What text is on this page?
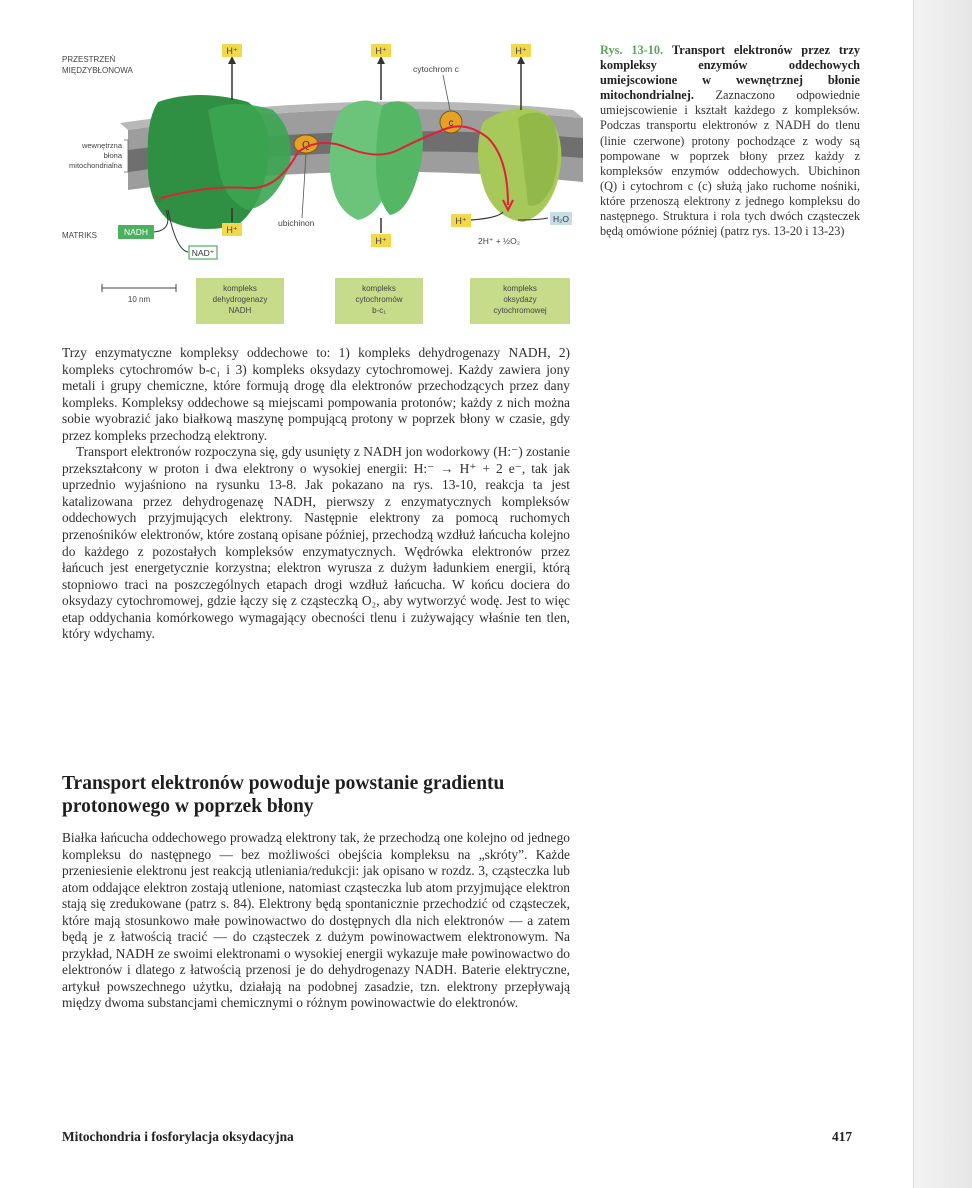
Q
c
H⁺	H⁺	H⁺
H⁺
H⁺
H⁺
PRZESTRZEŃ
MIĘDZYBŁONOWA
wewnętrzna
błona
mitochondrialna
MATRIKS	NADH
NAD⁺
2e⁻
cytochrom c
ubichinon	H₂O
2H⁺ + ½O₂
10 nm
kompleks
dehydrogenazy
NADH
kompleks
cytochromów
b-c₁
kompleks
oksydazy
cytochromowej
Rys. 13-10. Transport elektronów przez trzy kompleksy enzymów oddechowych umiejscowione w wewnętrznej błonie mitochondrialnej. Zaznaczono odpowiednie umiejscowienie i kształt każdego z kompleksów. Podczas transportu elektronów z NADH do tlenu (linie czerwone) protony pochodzące z wody są pompowane w poprzek błony przez każdy z kompleksów enzymów oddechowych. Ubichinon (Q) i cytochrom c (c) służą jako ruchome nośniki, które przenoszą elektrony z jednego kompleksu do następnego. Struktura i rola tych dwóch cząsteczek będą omówione później (patrz rys. 13-20 i 13-23)

Trzy enzymatyczne kompleksy oddechowe to: 1) kompleks dehydrogenazy NADH, 2) kompleks cytochromów b-c₁ i 3) kompleks oksydazy cytochromowej. Każdy zawiera jony metali i grupy chemiczne, które formują drogę dla elektronów przechodzących przez dany kompleks. Kompleksy oddechowe są miejscami pompowania protonów; każdy z nich można sobie wyobrazić jako białkową maszynę pompującą protony w poprzek błony w czasie, gdy przez kompleks przechodzą elektrony.

Transport elektronów rozpoczyna się, gdy usunięty z NADH jon wodorkowy (H:⁻) zostanie przekształcony w proton i dwa elektrony o wysokiej energii: H:⁻ → H⁺ + 2 e⁻, tak jak uprzednio wyjaśniono na rysunku 13-8. Jak pokazano na rys. 13-10, reakcja ta jest katalizowana przez dehydrogenazę NADH, pierwszy z enzymatycznych kompleksów oddechowych przyjmujących elektrony. Następnie elektrony za pomocą ruchomych przenośników elektronów, które zostaną opisane później, przechodzą wzdłuż łańcucha kolejno do każdego z pozostałych kompleksów enzymatycznych. Wędrówka elektronów przez łańcuch jest energetycznie korzystna; elektron wyrusza z dużym ładunkiem energii, którą stopniowo traci na poszczególnych etapach drogi wzdłuż łańcucha. W końcu dociera do oksydazy cytochromowej, gdzie łączy się z cząsteczką O₂, aby wytworzyć wodę. Jest to więc etap oddychania komórkowego wymagający obecności tlenu i zużywający właśnie ten tlen, który wdychamy.

Transport elektronów powoduje powstanie gradientu protonowego w poprzek błony

Białka łańcucha oddechowego prowadzą elektrony tak, że przechodzą one kolejno od jednego kompleksu do następnego — bez możliwości obejścia kompleksu na „skróty”. Każde przeniesienie elektronu jest reakcją utleniania/redukcji: jak opisano w rozdz. 3, cząsteczka lub atom oddające elektron zostają utlenione, natomiast cząsteczka lub atom przyjmujące elektron stają się zredukowane (patrz s. 84). Elektrony będą spontanicznie przechodzić od cząsteczek, które mają stosunkowo małe powinowactwo do dostępnych dla nich elektronów — a zatem będą je z łatwością tracić — do cząsteczek z dużym powinowactwem elektronowym. Na przykład, NADH ze swoimi elektronami o wysokiej energii wykazuje małe powinowactwo do elektronów i dlatego z łatwością przenosi je do dehydrogenazy NADH. Baterie elektryczne, artykuł powszechnego użytku, działają na podobnej zasadzie, tzn. elektrony przepływają między dwoma substancjami chemicznymi o różnym powinowactwie do elektronów.

Mitochondria i fosforylacja oksydacyjna	417
